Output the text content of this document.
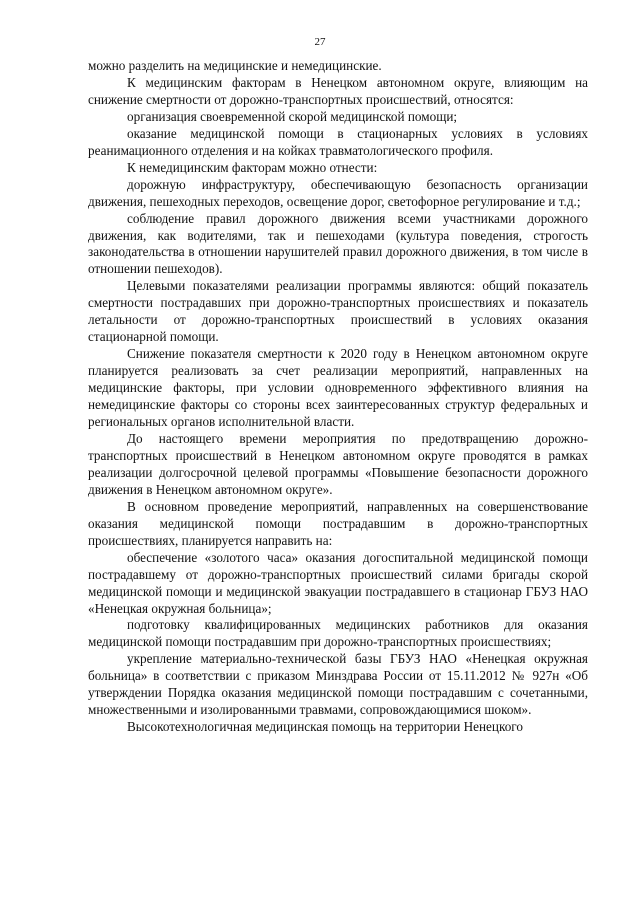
27

можно разделить на медицинские и немедицинские.

К медицинским факторам в Ненецком автономном округе, влияющим на снижение смертности от дорожно-транспортных происшествий, относятся:

организация своевременной скорой медицинской помощи;

оказание медицинской помощи в стационарных условиях в условиях реанимационного отделения и на койках травматологического профиля.

К немедицинским факторам можно отнести:

дорожную инфраструктуру, обеспечивающую безопасность организации движения, пешеходных переходов, освещение дорог, светофорное регулирование и т.д.;

соблюдение правил дорожного движения всеми участниками дорожного движения, как водителями, так и пешеходами (культура поведения, строгость законодательства в отношении нарушителей правил дорожного движения, в том числе в отношении пешеходов).

Целевыми показателями реализации программы являются: общий показатель смертности пострадавших при дорожно-транспортных происшествиях и показатель летальности от дорожно-транспортных происшествий в условиях оказания стационарной помощи.

Снижение показателя смертности к 2020 году в Ненецком автономном округе планируется реализовать за счет реализации мероприятий, направленных на медицинские факторы, при условии одновременного эффективного влияния на немедицинские факторы со стороны всех заинтересованных структур федеральных и региональных органов исполнительной власти.

До настоящего времени мероприятия по предотвращению дорожно-транспортных происшествий в Ненецком автономном округе проводятся в рамках реализации долгосрочной целевой программы «Повышение безопасности дорожного движения в Ненецком автономном округе».

В основном проведение мероприятий, направленных на совершенствование оказания медицинской помощи пострадавшим в дорожно-транспортных происшествиях, планируется направить на:

обеспечение «золотого часа» оказания догоспитальной медицинской помощи пострадавшему от дорожно-транспортных происшествий силами бригады скорой медицинской помощи и медицинской эвакуации пострадавшего в стационар ГБУЗ НАО «Ненецкая окружная больница»;

подготовку квалифицированных медицинских работников для оказания медицинской помощи пострадавшим при дорожно-транспортных происшествиях;

укрепление материально-технической базы ГБУЗ НАО «Ненецкая окружная больница» в соответствии с приказом Минздрава России от 15.11.2012 № 927н «Об утверждении Порядка оказания медицинской помощи пострадавшим с сочетанными, множественными и изолированными травмами, сопровождающимися шоком».

Высокотехнологичная медицинская помощь на территории Ненецкого
